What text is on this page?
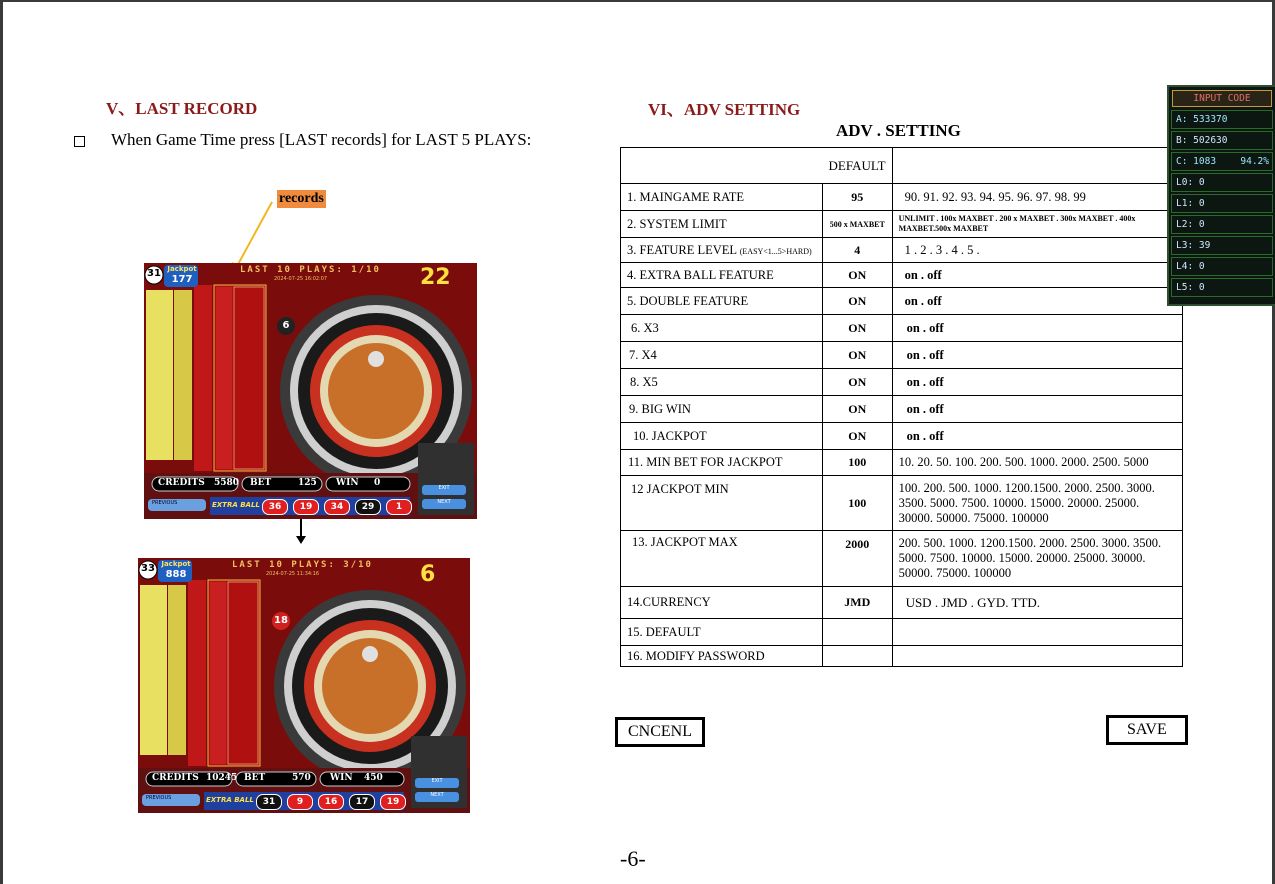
V、LAST RECORD
When Game Time press [LAST records] for LAST 5 PLAYS:
records
31 Jackpot
177
LAST 10 PLAYS: 1/10
2024-07-25 16:02:07	22
6
CREDITS 5580 BET	125 WIN 0
PREVIOUS	EXTRA BALL 36	19	34	29	1
EXIT
NEXT
33 Jackpot
888
LAST 10 PLAYS: 3/10
2024-07-25 11:34:16	6
18
CREDITS 10245 BET	570 WIN 450
PREVIOUS	EXTRA BALL 31	9	16	17	19
EXIT
NEXT
VI、ADV SETTING
ADV . SETTING
	DEFAULT	
1. MAINGAME RATE	95	90. 91. 92. 93. 94. 95. 96. 97. 98. 99
2. SYSTEM LIMIT	500 x MAXBET	UNLIMIT . 100x MAXBET . 200 x MAXBET . 300x MAXBET . 400x MAXBET.500x MAXBET
3. FEATURE LEVEL (EASY<1...5>HARD)	4	1 . 2 . 3 . 4 . 5 .
4. EXTRA BALL FEATURE	ON	on . off
5. DOUBLE FEATURE	ON	on . off
6. X3	ON	on . off
7. X4	ON	on . off
8. X5	ON	on . off
9. BIG WIN	ON	on . off
10. JACKPOT	ON	on . off
11. MIN BET FOR JACKPOT	100	10. 20. 50. 100. 200. 500. 1000. 2000. 2500. 5000
12 JACKPOT MIN	100	100. 200. 500. 1000. 1200.1500. 2000. 2500. 3000. 3500. 5000. 7500. 10000. 15000. 20000. 25000. 30000. 50000. 75000. 100000
13. JACKPOT MAX	2000	200. 500. 1000. 1200.1500. 2000. 2500. 3000. 3500. 5000. 7500. 10000. 15000. 20000. 25000. 30000. 50000. 75000. 100000
14.CURRENCY	JMD	USD . JMD . GYD. TTD.
15. DEFAULT		
16. MODIFY PASSWORD		
CNCENL	SAVE
INPUT CODE
A: 533370
B: 502630
C: 1083	94.2%
L0: 0
L1: 0
L2: 0
L3: 39
L4: 0
L5: 0
-6-
